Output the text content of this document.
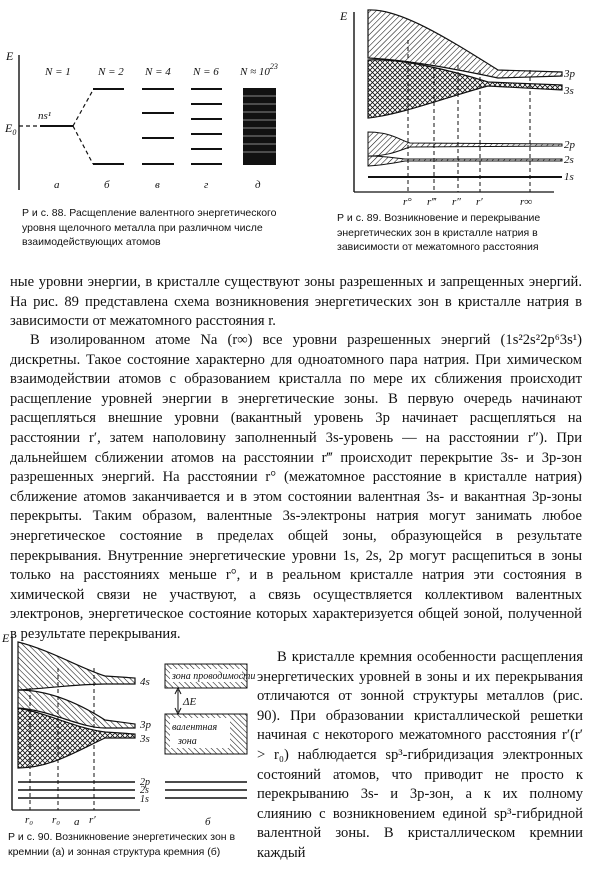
E
$E_0$
ns¹
N = 1 N = 2 N = 4 N = 6 $N \approx 10^{23}$
a	б	в	г	д
Р и с. 88. Расщепление валентного энергетического уровня щелочного металла при различном числе взаимодействующих атомов
E
3p
3s
2p
2s
1s
r° r‴ r″ r′	r∞
Р и с. 89. Возникновение и перекрывание энергетических зон в кристалле натрия в зависимости от межатомного расстояния

ные уровни энергии, в кристалле существуют зоны разрешенных и запрещенных энергий. На рис. 89 представлена схема возникновения энергетических зон в кристалле натрия в зависимости от межатомного расстояния r.

В изолированном атоме Na (r∞) все уровни разрешенных энергий (1s²2s²2p⁶3s¹) дискретны. Такое состояние характерно для одноатомного пара натрия. При химическом взаимодействии атомов с образованием кристалла по мере их сближения происходит расщепление уровней энергии в энергетические зоны. В первую очередь начинают расщепляться внешние уровни (вакантный уровень 3p начинает расщепляться на расстоянии r′, затем наполовину заполненный 3s-уровень — на расстоянии r″). При дальнейшем сближении атомов на расстоянии r‴ происходит перекрытие 3s- и 3p-зон разрешенных энергий. На расстоянии r° (межатомное расстояние в кристалле натрия) сближение атомов заканчивается и в этом состоянии валентная 3s- и вакантная 3p-зоны перекрыты. Таким образом, валентные 3s-электроны натрия могут занимать любое энергетическое состояние в пределах общей зоны, образующейся в результате перекрывания. Внутренние энергетические уровни 1s, 2s, 2p могут расщепиться в зоны только на расстояниях меньше r°, и в реальном кристалле натрия эти состояния в химической связи не участвуют, а связь осуществляется коллективом валентных электронов, энергетическое состояние которых характеризуется общей зоной, полученной в результате перекрывания.

E
4s
3p
3s
2p
2s
1s
r₀ r₀	r′
зона проводимости
ΔE
валентная
зона
a	б
Р и с. 90. Возникновение энергетических зон в кремнии (а) и зонная структура кремния (б)

В кристалле кремния особенности расщепления энергетических уровней в зоны и их перекрывания отличаются от зонной структуры металлов (рис. 90). При образовании кристаллической решетки начиная с некоторого межатомного расстояния r′(r′ > r₀) наблюдается sp³-гибридизация электронных состояний атомов, что приводит не просто к перекрыванию 3s- и 3p-зон, а к их полному слиянию с возникновением единой sp³-гибридной валентной зоны. В кристаллическом кремнии каждый
